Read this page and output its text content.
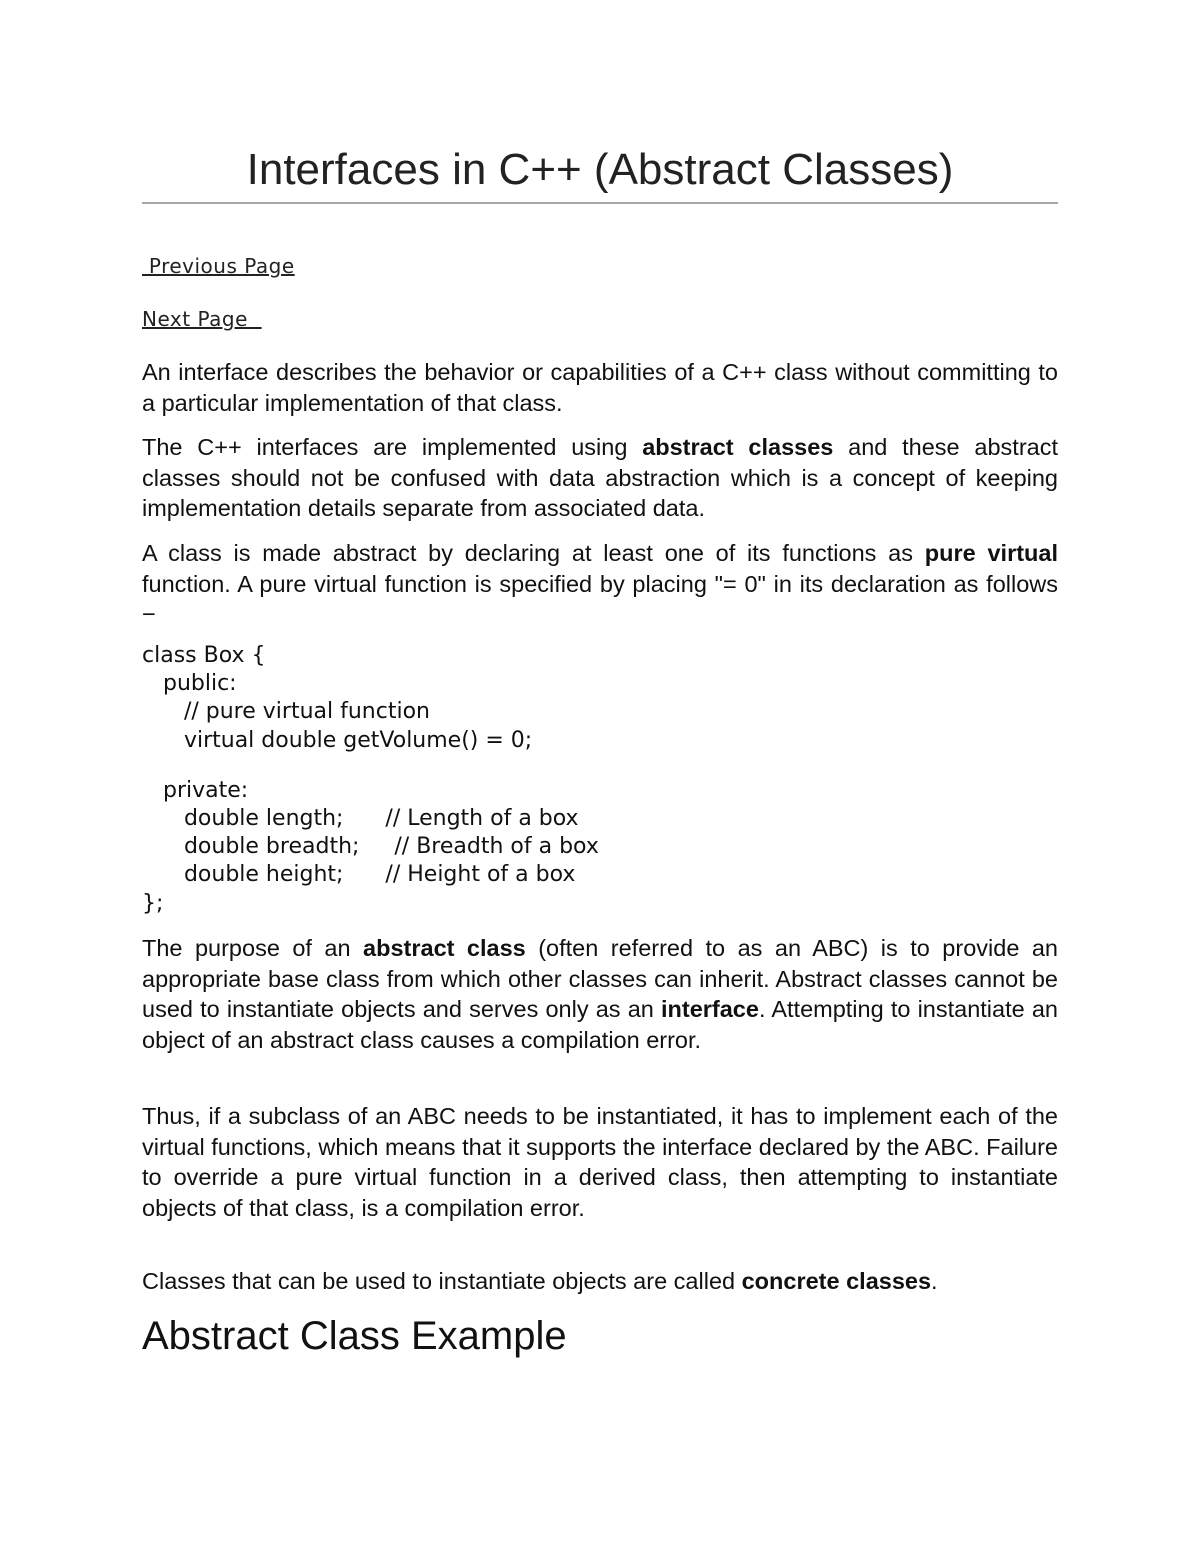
Interfaces in C++ (Abstract Classes)
Previous Page
Next Page

An interface describes the behavior or capabilities of a C++ class without committing to a particular implementation of that class.

The C++ interfaces are implemented using abstract classes and these abstract classes should not be confused with data abstraction which is a concept of keeping implementation details separate from associated data.

A class is made abstract by declaring at least one of its functions as pure virtual function. A pure virtual function is specified by placing "= 0" in its declaration as follows −

class Box {
public:
// pure virtual function
virtual double getVolume() = 0;
private:
double length;      // Length of a box
double breadth;     // Breadth of a box
double height;      // Height of a box
};

The purpose of an abstract class (often referred to as an ABC) is to provide an appropriate base class from which other classes can inherit. Abstract classes cannot be used to instantiate objects and serves only as an interface. Attempting to instantiate an object of an abstract class causes a compilation error.

Thus, if a subclass of an ABC needs to be instantiated, it has to implement each of the virtual functions, which means that it supports the interface declared by the ABC. Failure to override a pure virtual function in a derived class, then attempting to instantiate objects of that class, is a compilation error.

Classes that can be used to instantiate objects are called concrete classes.

Abstract Class Example
